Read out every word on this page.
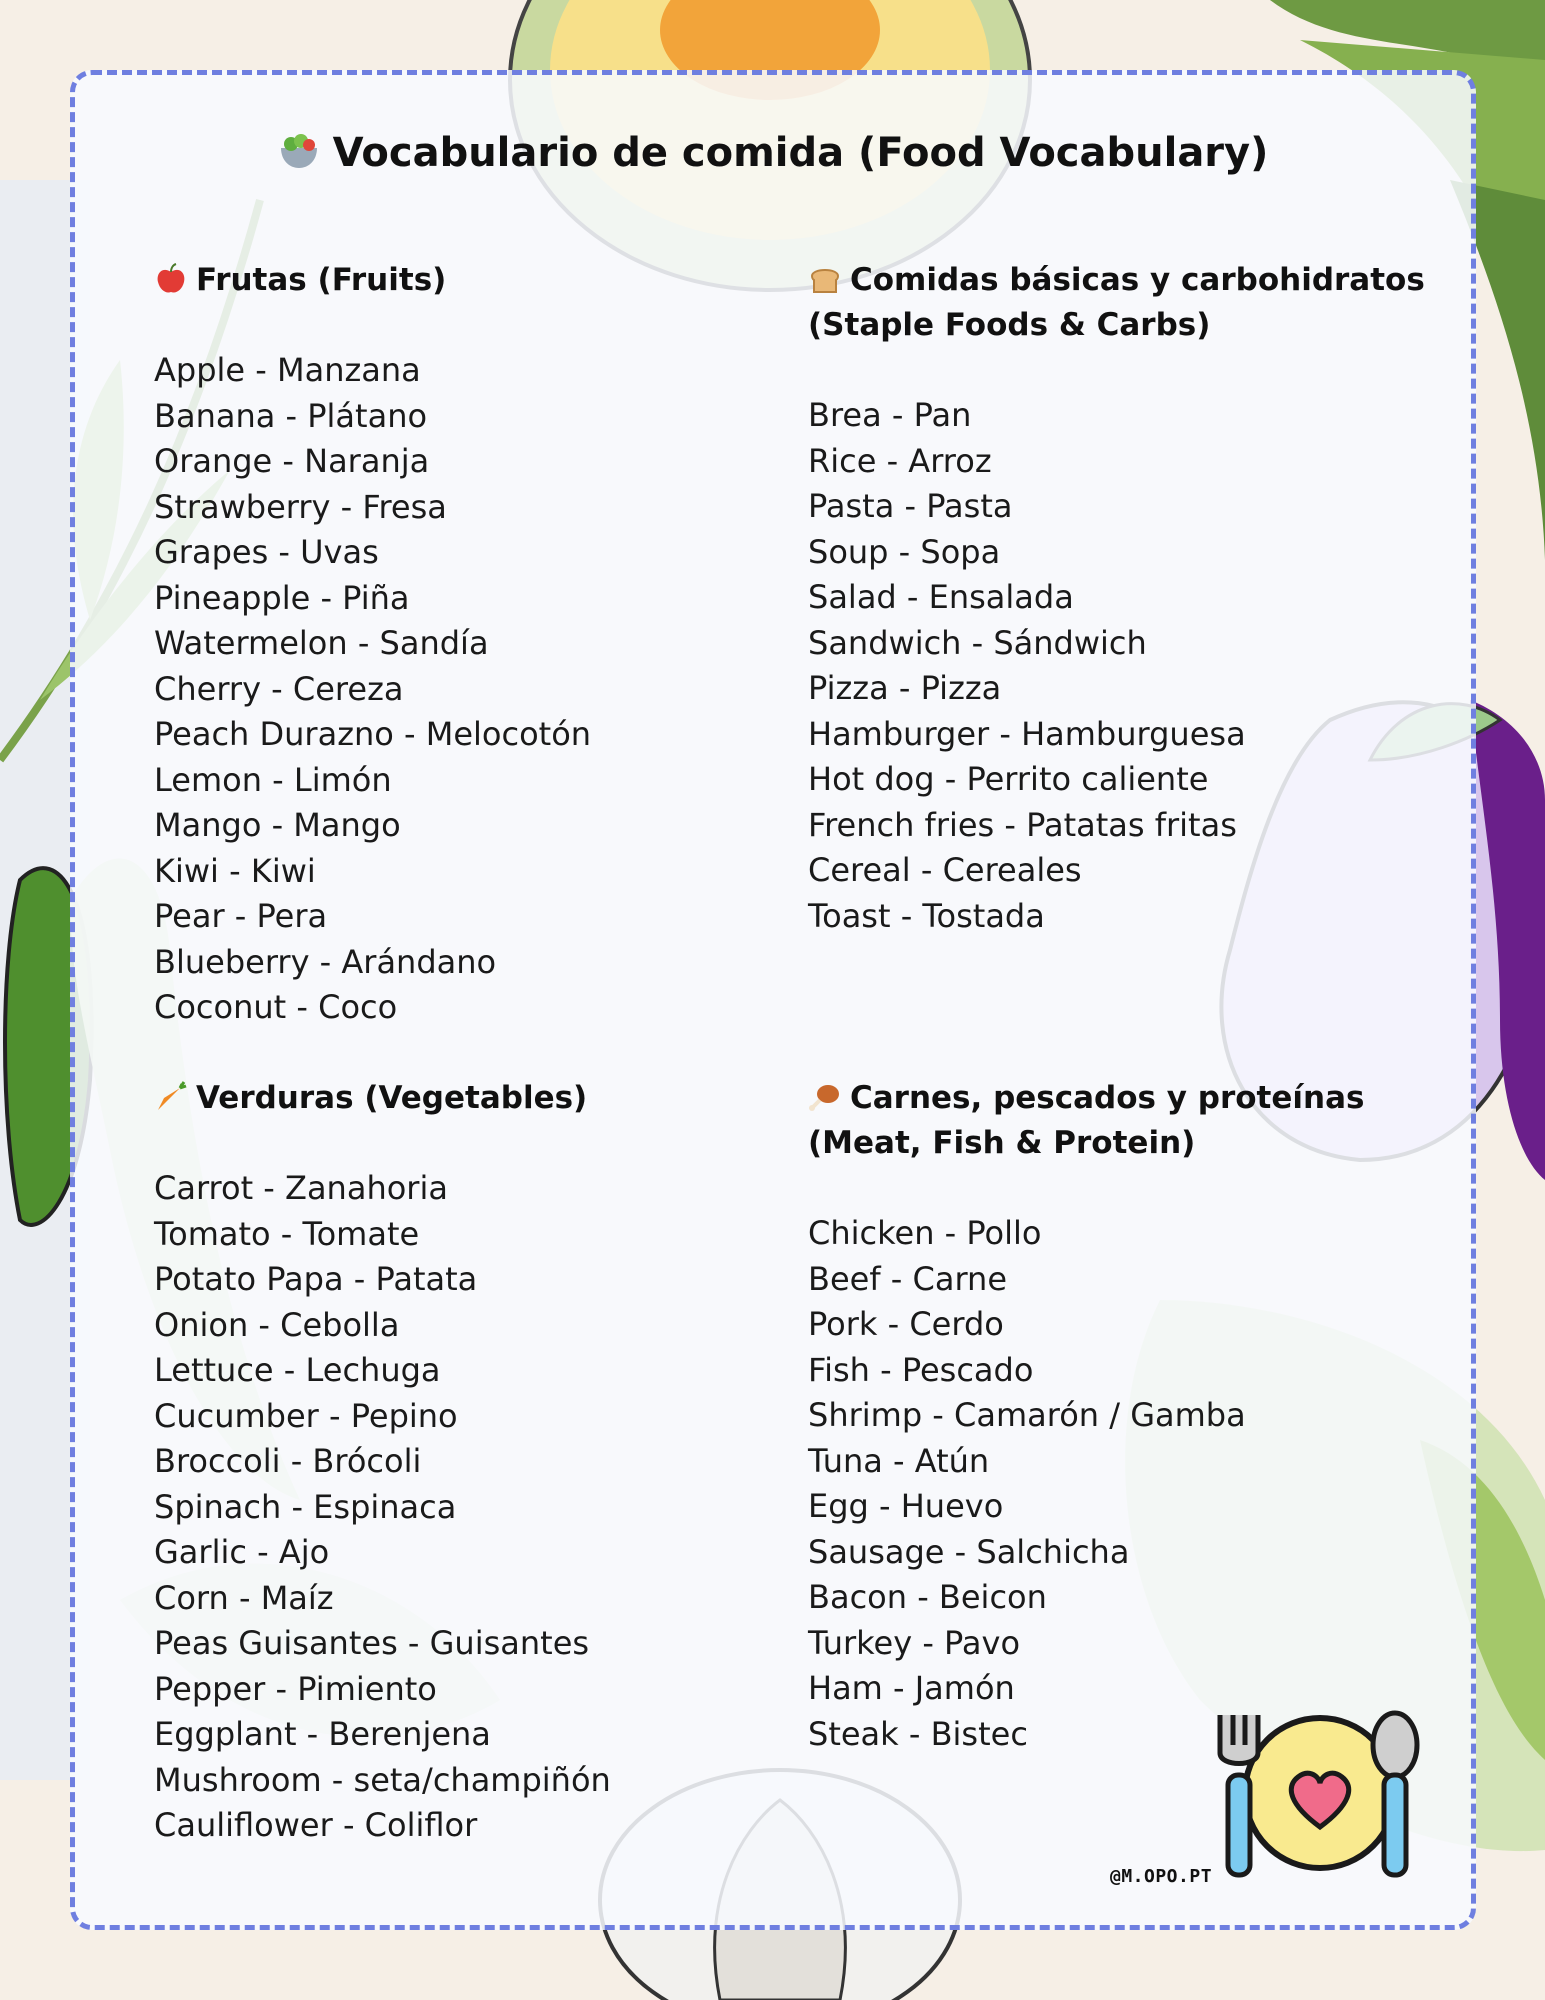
Vocabulario de comida (Food Vocabulary)
Frutas (Fruits)
Apple - Manzana
Banana - Plátano
Orange - Naranja
Strawberry - Fresa
Grapes - Uvas
Pineapple - Piña
Watermelon - Sandía
Cherry - Cereza
Peach Durazno - Melocotón
Lemon - Limón
Mango - Mango
Kiwi - Kiwi
Pear - Pera
Blueberry - Arándano
Coconut - Coco
Comidas básicas y carbohidratos
(Staple Foods & Carbs)
Brea - Pan
Rice - Arroz
Pasta - Pasta
Soup - Sopa
Salad - Ensalada
Sandwich - Sándwich
Pizza - Pizza
Hamburger - Hamburguesa
Hot dog - Perrito caliente
French fries - Patatas fritas
Cereal - Cereales
Toast - Tostada
Verduras (Vegetables)
Carrot - Zanahoria
Tomato - Tomate
Potato Papa - Patata
Onion - Cebolla
Lettuce - Lechuga
Cucumber - Pepino
Broccoli - Brócoli
Spinach - Espinaca
Garlic - Ajo
Corn - Maíz
Peas Guisantes - Guisantes
Pepper - Pimiento
Eggplant - Berenjena
Mushroom - seta/champiñón
Cauliflower - Coliflor
Carnes, pescados y proteínas
(Meat, Fish & Protein)
Chicken - Pollo
Beef - Carne
Pork - Cerdo
Fish - Pescado
Shrimp - Camarón / Gamba
Tuna - Atún
Egg - Huevo
Sausage - Salchicha
Bacon - Beicon
Turkey - Pavo
Ham - Jamón
Steak - Bistec
@M.OPO.PT
